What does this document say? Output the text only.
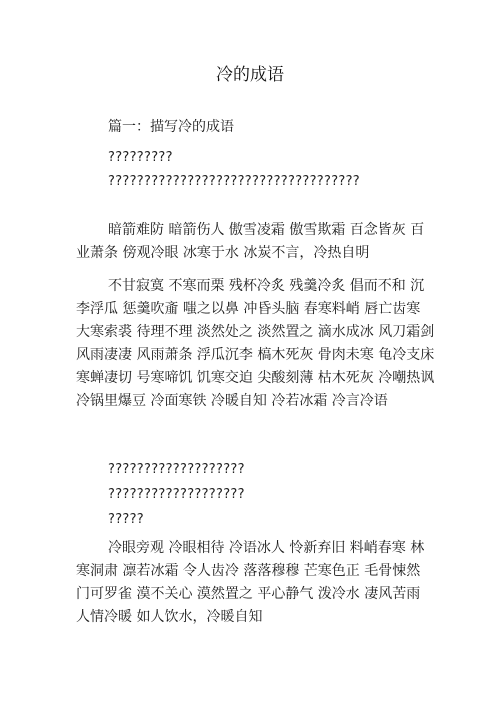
冷的成语
篇一：描写冷的成语
?????????
???????????????????????????????????
暗箭难防 暗箭伤人 傲雪凌霜 傲雪欺霜 百念皆灰 百业萧条 傍观冷眼 冰寒于水 冰炭不言，冷热自明
不甘寂寞 不寒而栗 残杯冷炙 残羹冷炙 倡而不和 沉李浮瓜 惩羹吹齑 嗤之以鼻 冲昏头脑 春寒料峭 唇亡齿寒 大寒索裘 待理不理 淡然处之 淡然置之 滴水成冰 风刀霜剑 风雨凄凄 风雨萧条 浮瓜沉李 槁木死灰 骨肉未寒 龟冷支床 寒蝉凄切 号寒啼饥 饥寒交迫 尖酸刻薄 枯木死灰 冷嘲热讽 冷锅里爆豆 冷面寒铁 冷暖自知 冷若冰霜 冷言冷语
???????????????????
???????????????????
?????
冷眼旁观 冷眼相待 冷语冰人 怜新弃旧 料峭春寒 林寒洞肃 凛若冰霜 令人齿冷 落落穆穆 芒寒色正 毛骨悚然 门可罗雀 漠不关心 漠然置之 平心静气 泼冷水 凄风苦雨 人情冷暖 如人饮水，冷暖自知
